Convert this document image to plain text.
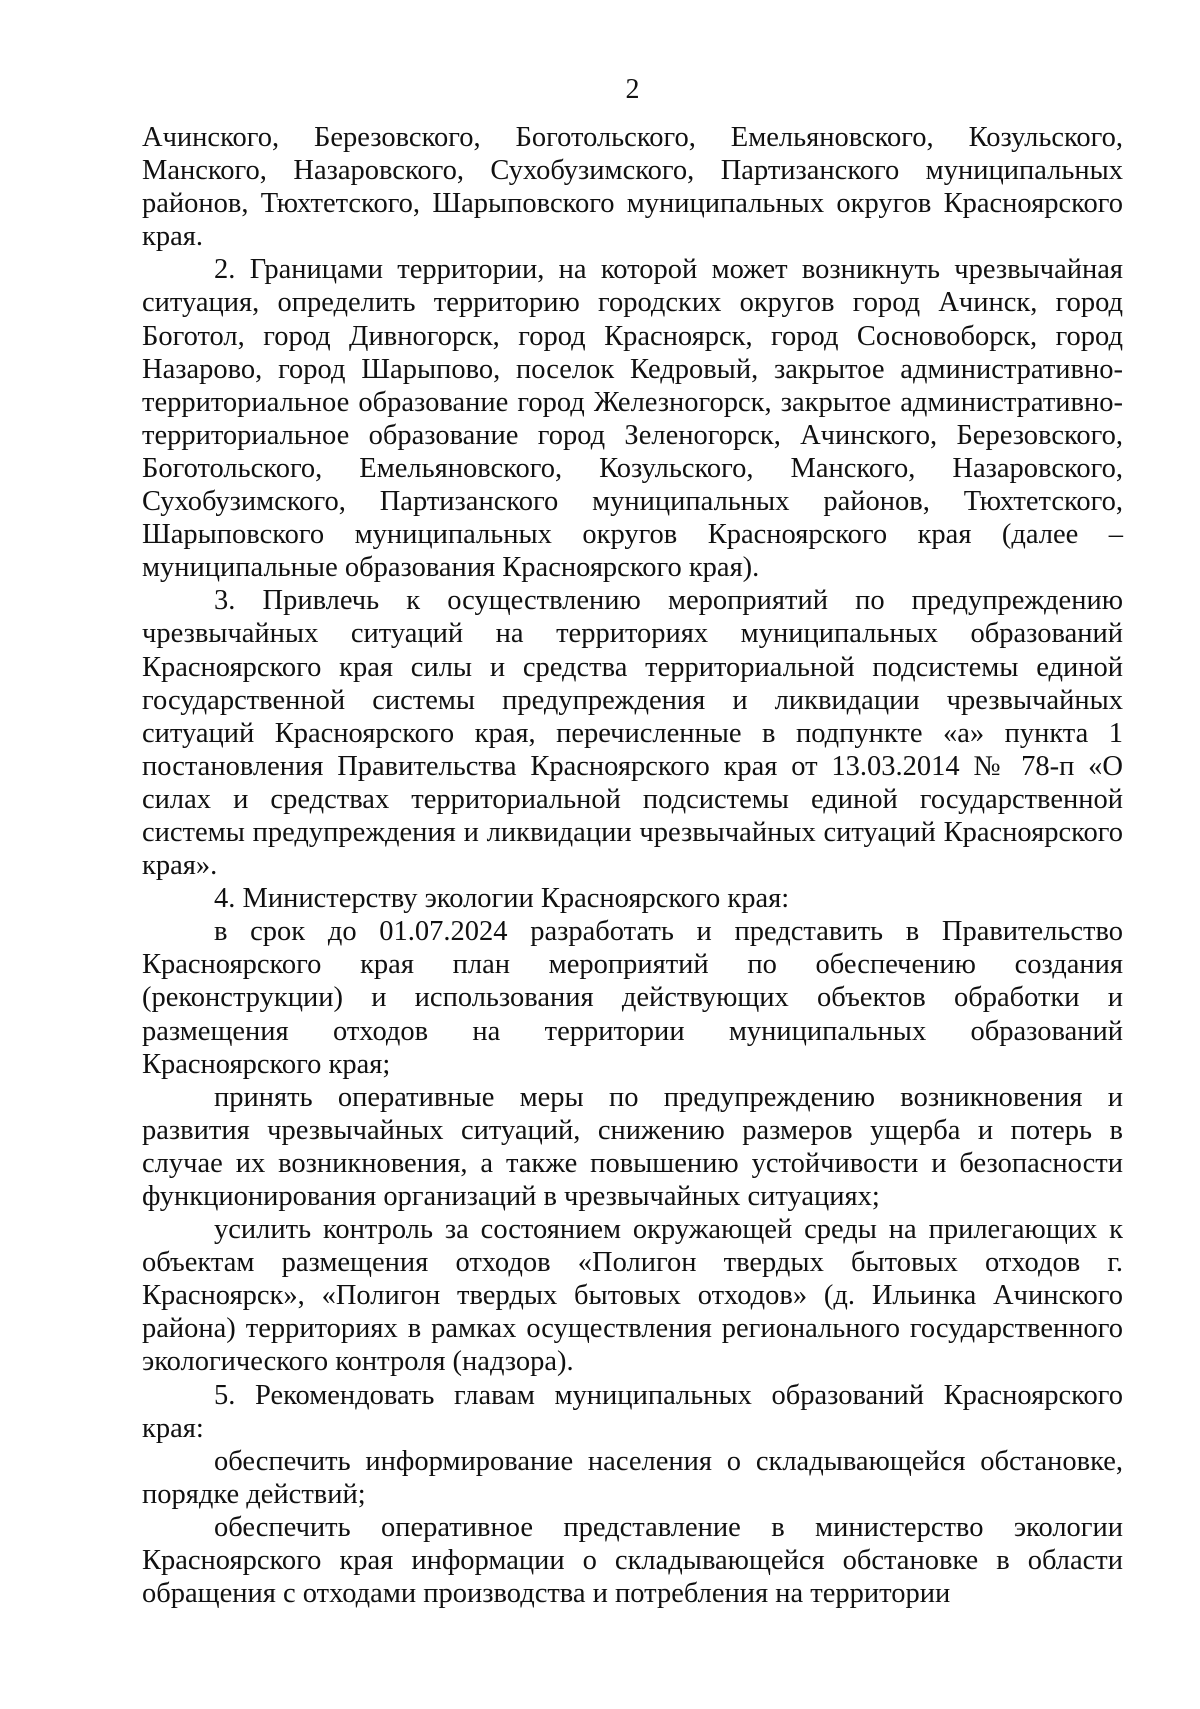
2

Ачинского, Березовского, Боготольского, Емельяновского, Козульского, Манского, Назаровского, Сухобузимского, Партизанского муниципальных районов, Тюхтетского, Шарыповского муниципальных округов Красноярского края.

2. Границами территории, на которой может возникнуть чрезвычайная ситуация, определить территорию городских округов город Ачинск, город Боготол, город Дивногорск, город Красноярск, город Сосновоборск, город Назарово, город Шарыпово, поселок Кедровый, закрытое административно-территориальное образование город Железногорск, закрытое административно-территориальное образование город Зеленогорск, Ачинского, Березовского, Боготольского, Емельяновского, Козульского, Манского, Назаровского, Сухобузимского, Партизанского муниципальных районов, Тюхтетского, Шарыповского муниципальных округов Красноярского края (далее – муниципальные образования Красноярского края).

3. Привлечь к осуществлению мероприятий по предупреждению чрезвычайных ситуаций на территориях муниципальных образований Красноярского края силы и средства территориальной подсистемы единой государственной системы предупреждения и ликвидации чрезвычайных ситуаций Красноярского края, перечисленные в подпункте «а» пункта 1 постановления Правительства Красноярского края от 13.03.2014 № 78-п «О силах и средствах территориальной подсистемы единой государственной системы предупреждения и ликвидации чрезвычайных ситуаций Красноярского края».

4. Министерству экологии Красноярского края:

в срок до 01.07.2024 разработать и представить в Правительство Красноярского края план мероприятий по обеспечению создания (реконструкции) и использования действующих объектов обработки и размещения отходов на территории муниципальных образований Красноярского края;

принять оперативные меры по предупреждению возникновения и развития чрезвычайных ситуаций, снижению размеров ущерба и потерь в случае их возникновения, а также повышению устойчивости и безопасности функционирования организаций в чрезвычайных ситуациях;

усилить контроль за состоянием окружающей среды на прилегающих к объектам размещения отходов «Полигон твердых бытовых отходов г. Красноярск», «Полигон твердых бытовых отходов» (д. Ильинка Ачинского района) территориях в рамках осуществления регионального государственного экологического контроля (надзора).

5. Рекомендовать главам муниципальных образований Красноярского края:

обеспечить информирование населения о складывающейся обстановке, порядке действий;

обеспечить оперативное представление в министерство экологии Красноярского края информации о складывающейся обстановке в области обращения с отходами производства и потребления на территории
